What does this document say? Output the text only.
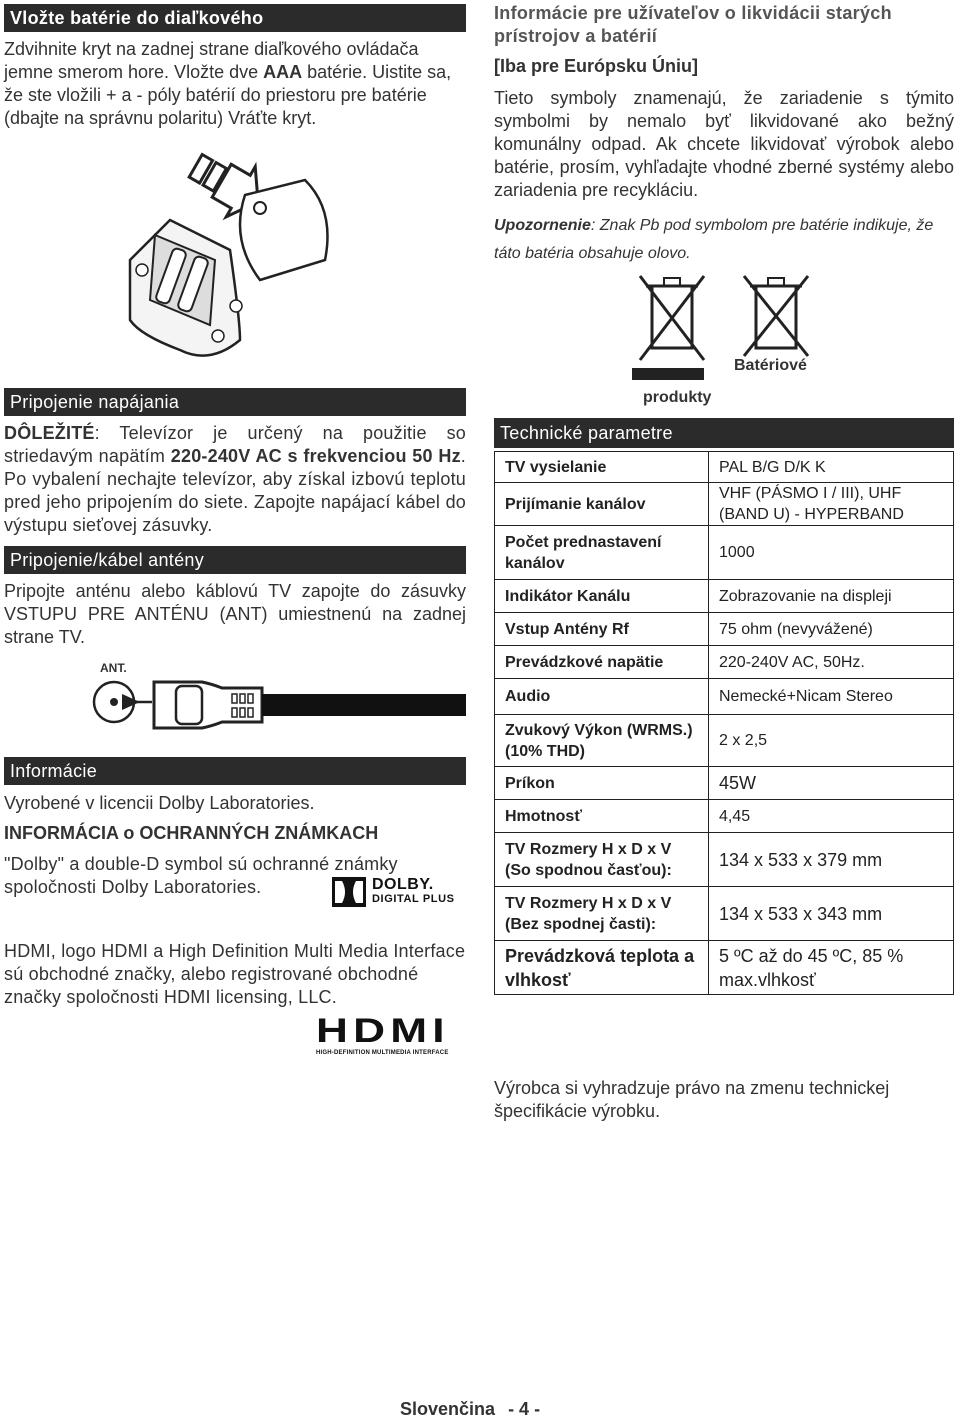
Vložte batérie do diaľkového
Zdvihnite kryt na zadnej strane diaľkového ovládača jemne smerom hore. Vložte dve AAA batérie. Uistite sa, že ste vložili + a - póly batérií do priestoru pre batérie (dbajte na správnu polaritu) Vráťte kryt.
Informácie pre užívateľov o likvidácii starých prístrojov a batérií
[Iba pre Európsku Úniu]
Tieto symboly znamenajú, že zariadenie s týmito symbolmi by nemalo byť likvidované ako bežný komunálny odpad. Ak chcete likvidovať výrobok alebo batérie, prosím, vyhľadajte vhodné zberné systémy alebo zariadenia pre recykláciu.
Upozornenie: Znak Pb pod symbolom pre batérie indikuje, že táto batéria obsahuje olovo.
Batériové
produkty
Pripojenie napájania
DÔLEŽITÉ: Televízor je určený na použitie so striedavým napätím 220-240V AC s frekvenciou 50 Hz. Po vybalení nechajte televízor, aby získal izbovú teplotu pred jeho pripojením do siete. Zapojte napájací kábel do výstupu sieťovej zásuvky.
Pripojenie/kábel antény
Pripojte anténu alebo káblovú TV zapojte do zásuvky VSTUPU PRE ANTÉNU (ANT) umiestnenú na zadnej strane TV.
ANT.
Informácie
Vyrobené v licencii Dolby Laboratories.
INFORMÁCIA o OCHRANNÝCH ZNÁMKACH
"Dolby" a double-D symbol sú ochranné známky spoločnosti Dolby Laboratories.	DOLBY.
DIGITAL PLUS
HDMI, logo HDMI a High Definition Multi Media Interface sú obchodné značky, alebo registrované obchodné značky spoločnosti HDMI licensing, LLC.
HDMI
HIGH-DEFINITION MULTIMEDIA INTERFACE
Technické parametre
TV vysielanie	PAL B/G D/K K
Prijímanie kanálov	VHF (PÁSMO I / III), UHF (BAND U) - HYPERBAND
Počet prednastavení kanálov	1000
Indikátor Kanálu	Zobrazovanie na displeji
Vstup Antény Rf	75 ohm (nevyvážené)
Prevádzkové napätie	220-240V AC, 50Hz.
Audio	Nemecké+Nicam Stereo
Zvukový Výkon (WRMS.) (10% THD)	2 x 2,5
Príkon	45W
Hmotnosť	4,45
TV Rozmery H x D x V (So spodnou časťou):	134 x 533 x 379 mm
TV Rozmery H x D x V (Bez spodnej časti):	134 x 533 x 343 mm
Prevádzková teplota a vlhkosť	5 ºC až do 45 ºC, 85 % max.vlhkosť
Výrobca si vyhradzuje právo na zmenu technickej špecifikácie výrobku.
Slovenčina - 4 -
